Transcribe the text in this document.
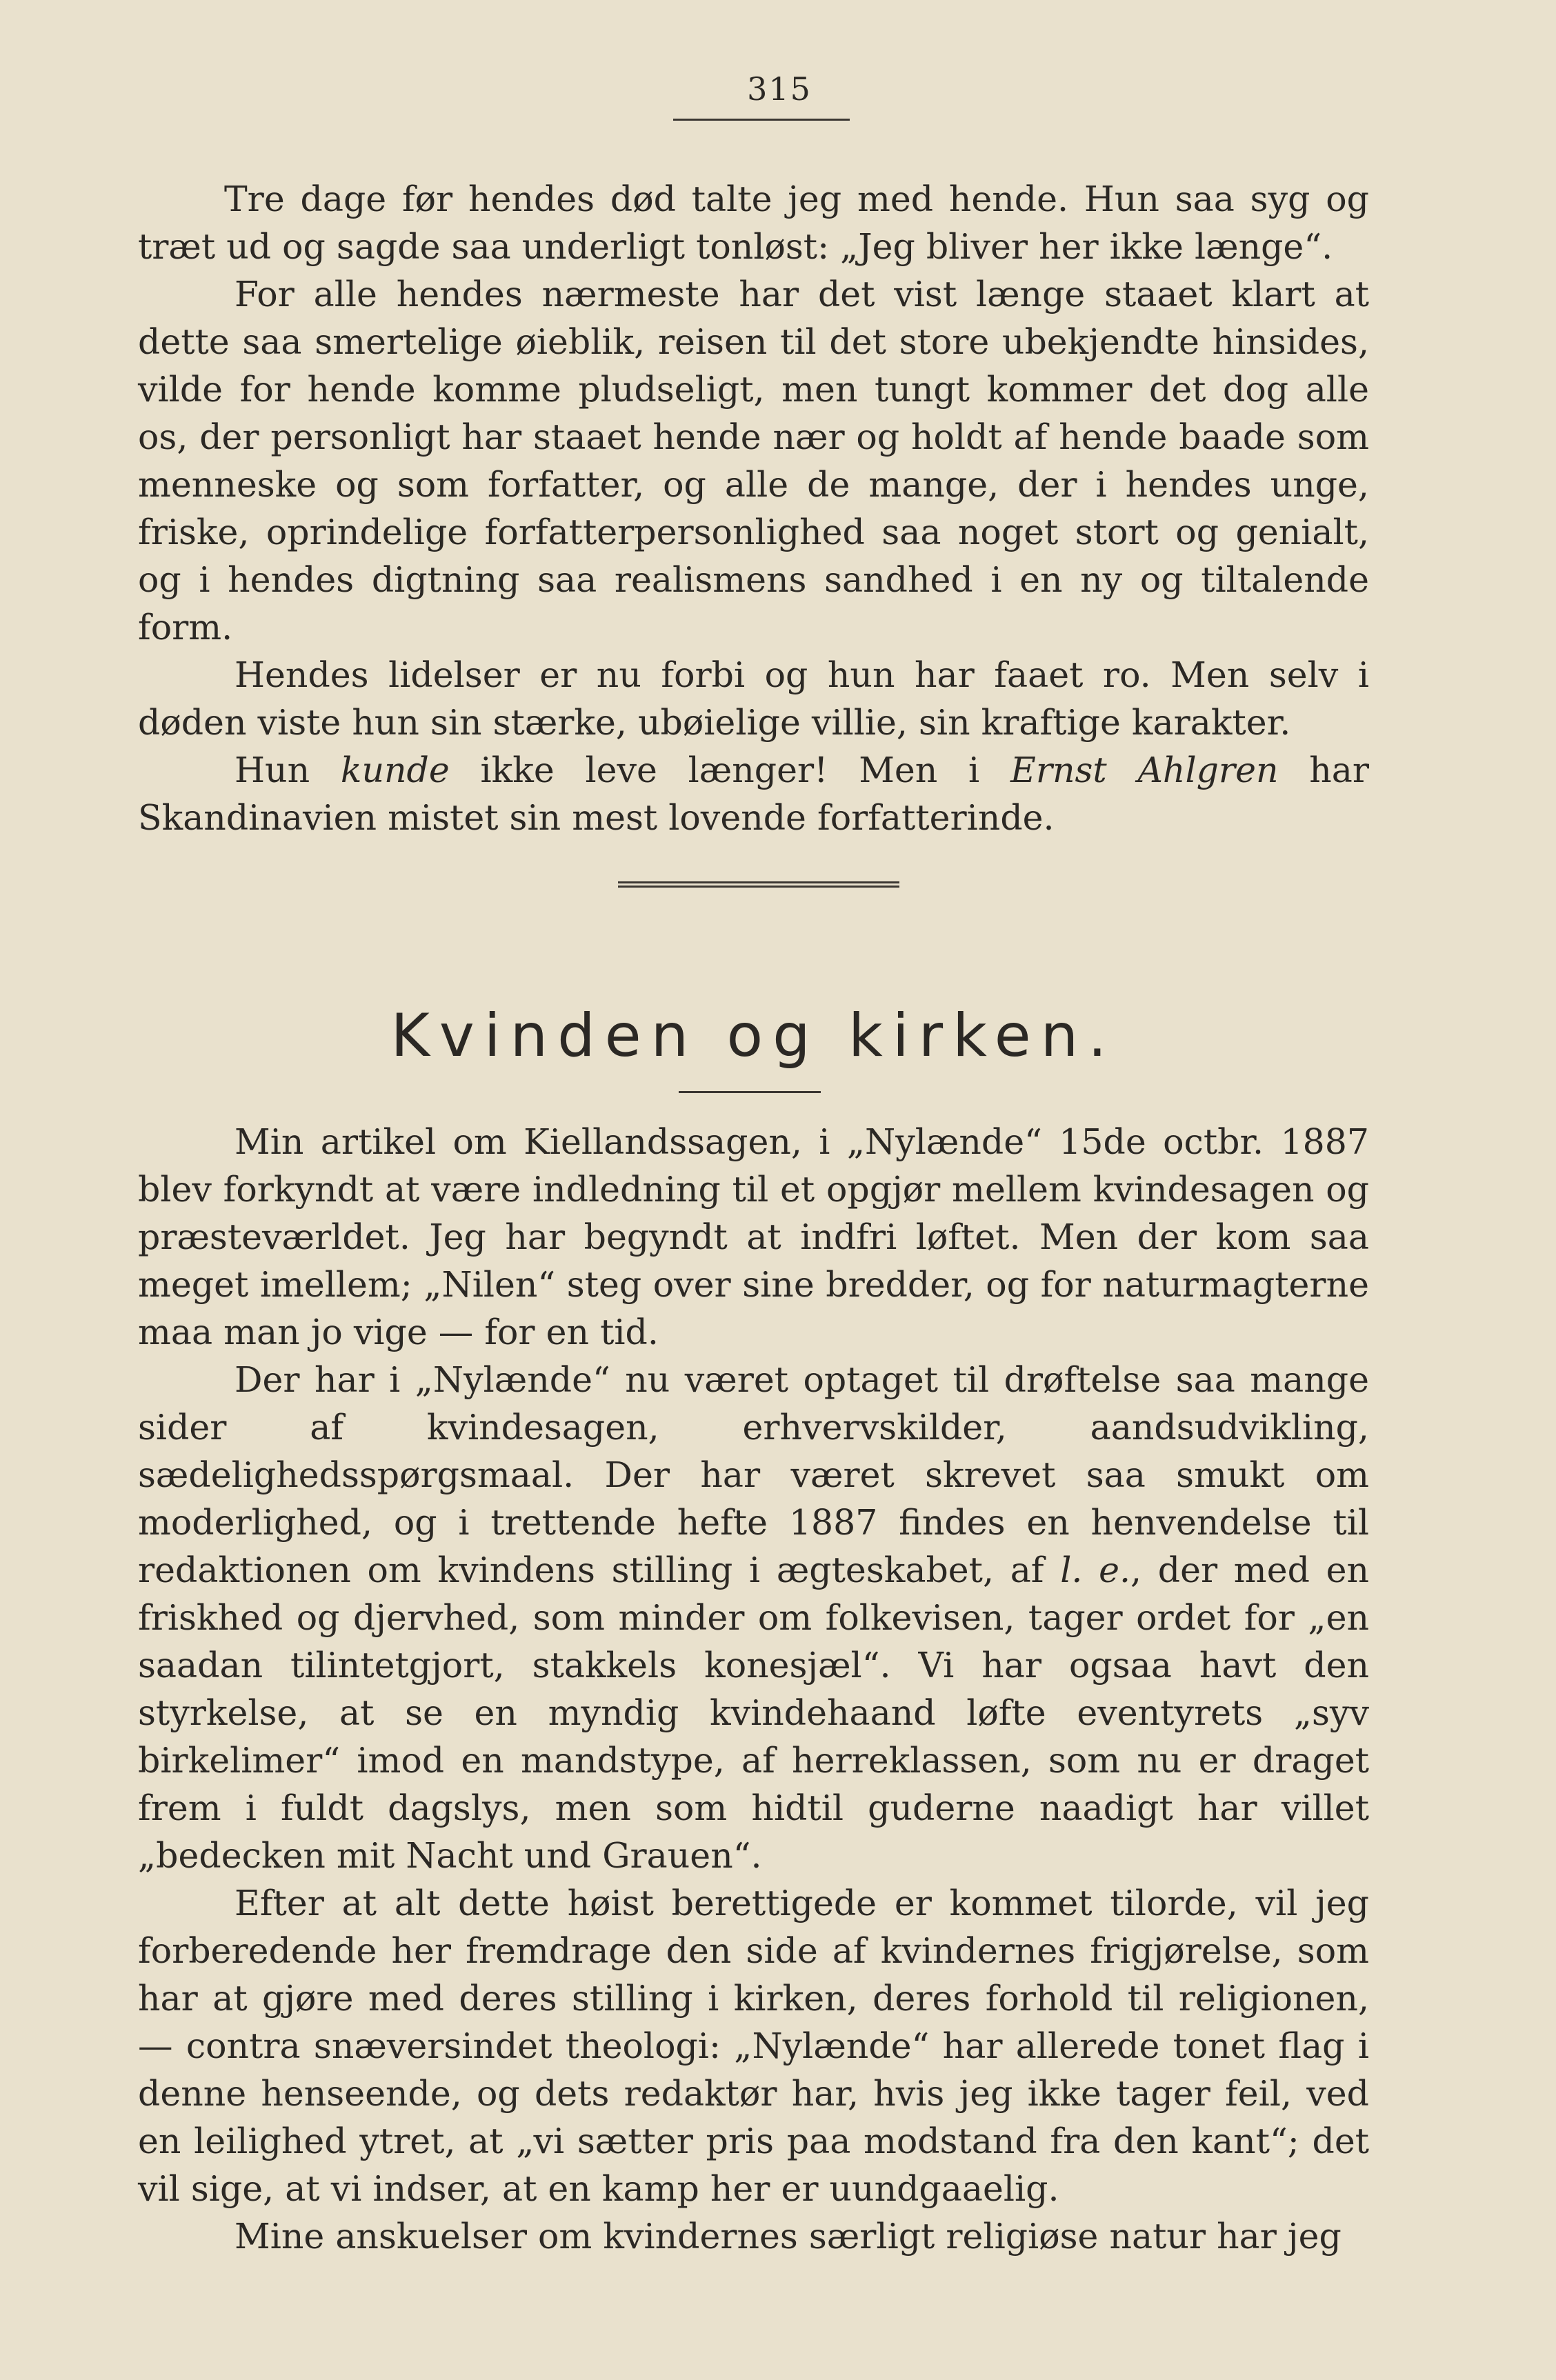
315

Tre dage før hendes død talte jeg med hende. Hun saa syg og træt ud og sagde saa underligt tonløst: „Jeg bliver her ikke længe“.

For alle hendes nærmeste har det vist længe staaet klart at dette saa smertelige øieblik, reisen til det store ubekjendte hinsides, vilde for hende komme pludseligt, men tungt kommer det dog alle os, der personligt har staaet hende nær og holdt af hende baade som menneske og som forfatter, og alle de mange, der i hendes unge, friske, oprindelige forfatterpersonlighed saa noget stort og genialt, og i hendes digtning saa realismens sandhed i en ny og tiltalende form.

Hendes lidelser er nu forbi og hun har faaet ro. Men selv i døden viste hun sin stærke, ubøielige villie, sin kraftige karakter.

Hun kunde ikke leve længer! Men i Ernst Ahlgren har Skandinavien mistet sin mest lovende forfatterinde.

Kvinden og kirken.

Min artikel om Kiellandssagen, i „Nylænde“ 15de octbr. 1887 blev forkyndt at være indledning til et opgjør mellem kvindesagen og præsteværldet. Jeg har begyndt at indfri løftet. Men der kom saa meget imellem; „Nilen“ steg over sine bredder, og for naturmagterne maa man jo vige — for en tid.

Der har i „Nylænde“ nu været optaget til drøftelse saa mange sider af kvindesagen, erhvervskilder, aandsudvikling, sædelighedsspørgsmaal. Der har været skrevet saa smukt om moderlighed, og i trettende hefte 1887 findes en henvendelse til redaktionen om kvindens stilling i ægteskabet, af l. e., der med en friskhed og djervhed, som minder om folkevisen, tager ordet for „en saadan tilintetgjort, stakkels konesjæl“. Vi har ogsaa havt den styrkelse, at se en myndig kvindehaand løfte eventyrets „syv birkelimer“ imod en mandstype, af herreklassen, som nu er draget frem i fuldt dagslys, men som hidtil guderne naadigt har villet „bedecken mit Nacht und Grauen“.

Efter at alt dette høist berettigede er kommet tilorde, vil jeg forberedende her fremdrage den side af kvindernes frigjørelse, som har at gjøre med deres stilling i kirken, deres forhold til religionen, — contra snæversindet theologi: „Nylænde“ har allerede tonet flag i denne henseende, og dets redaktør har, hvis jeg ikke tager feil, ved en leilighed ytret, at „vi sætter pris paa modstand fra den kant“; det vil sige, at vi indser, at en kamp her er uundgaaelig.

Mine anskuelser om kvindernes særligt religiøse natur har jeg
